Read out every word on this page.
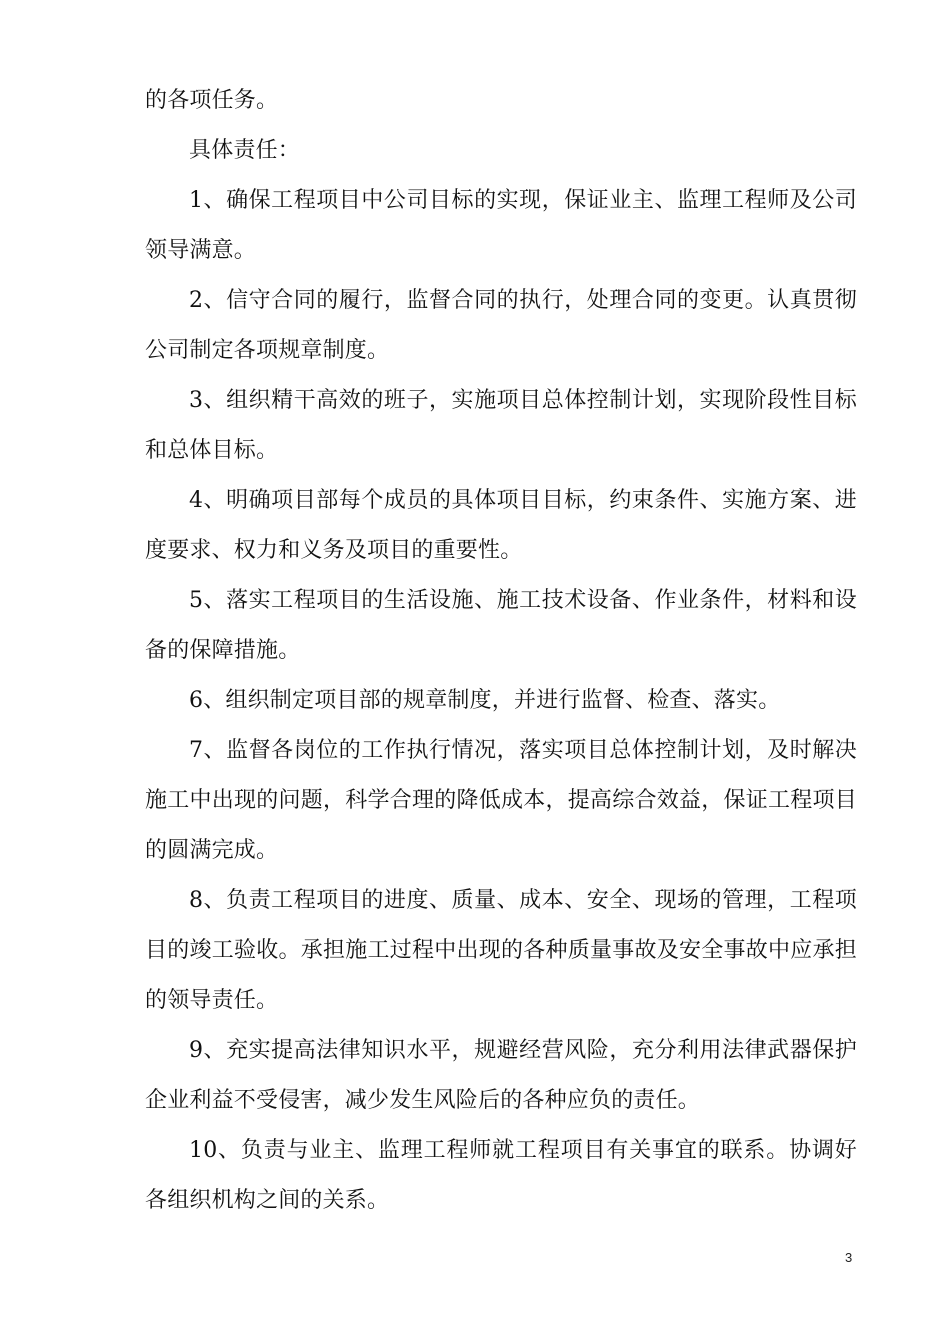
的各项任务。

具体责任：

1、确保工程项目中公司目标的实现，保证业主、监理工程师及公司领导满意。

2、信守合同的履行，监督合同的执行，处理合同的变更。认真贯彻公司制定各项规章制度。

3、组织精干高效的班子，实施项目总体控制计划，实现阶段性目标和总体目标。

4、明确项目部每个成员的具体项目目标，约束条件、实施方案、进度要求、权力和义务及项目的重要性。

5、落实工程项目的生活设施、施工技术设备、作业条件，材料和设备的保障措施。

6、组织制定项目部的规章制度，并进行监督、检查、落实。

7、监督各岗位的工作执行情况，落实项目总体控制计划，及时解决施工中出现的问题，科学合理的降低成本，提高综合效益，保证工程项目的圆满完成。

8、负责工程项目的进度、质量、成本、安全、现场的管理，工程项目的竣工验收。承担施工过程中出现的各种质量事故及安全事故中应承担的领导责任。

9、充实提高法律知识水平，规避经营风险，充分利用法律武器保护企业利益不受侵害，减少发生风险后的各种应负的责任。

10、负责与业主、监理工程师就工程项目有关事宜的联系。协调好各组织机构之间的关系。

3
